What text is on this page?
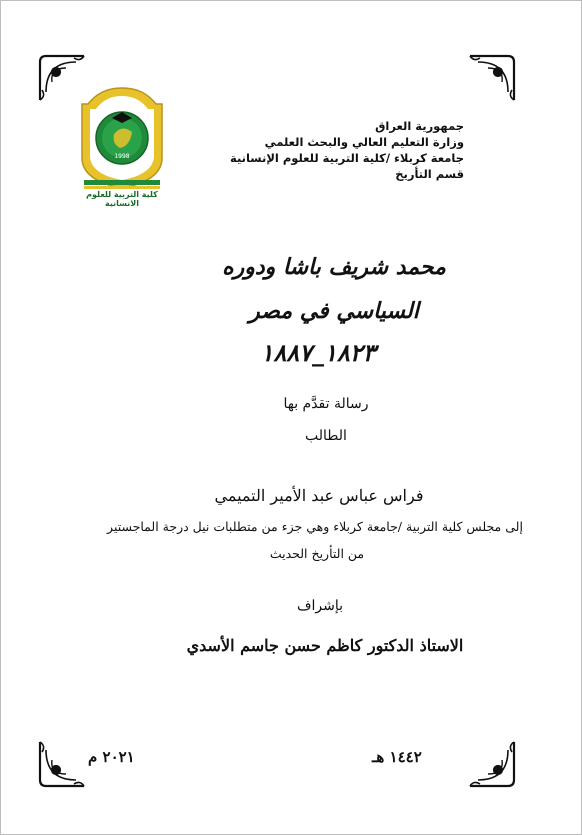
1998
كلية التربية للعلوم الانسانية
جمهورية العراق
وزارة التعليم العالي والبحث العلمي
جامعة كربلاء /كلية التربية للعلوم الإنسانية
قسم التأريخ
محمد شريف باشا ودوره
السياسي في مصر
١٨٢٣_١٨٨٧
رسالة تقدَّم بها
الطالب
فراس عباس عبد الأمير التميمي
إلى مجلس كلية التربية /جامعة كربلاء وهي جزء من متطلبات نيل درجة الماجستير
من التأريخ الحديث
بإشراف
الاستاذ الدكتور كاظم حسن جاسم الأسدي
١٤٤٢ هـ
٢٠٢١ م
